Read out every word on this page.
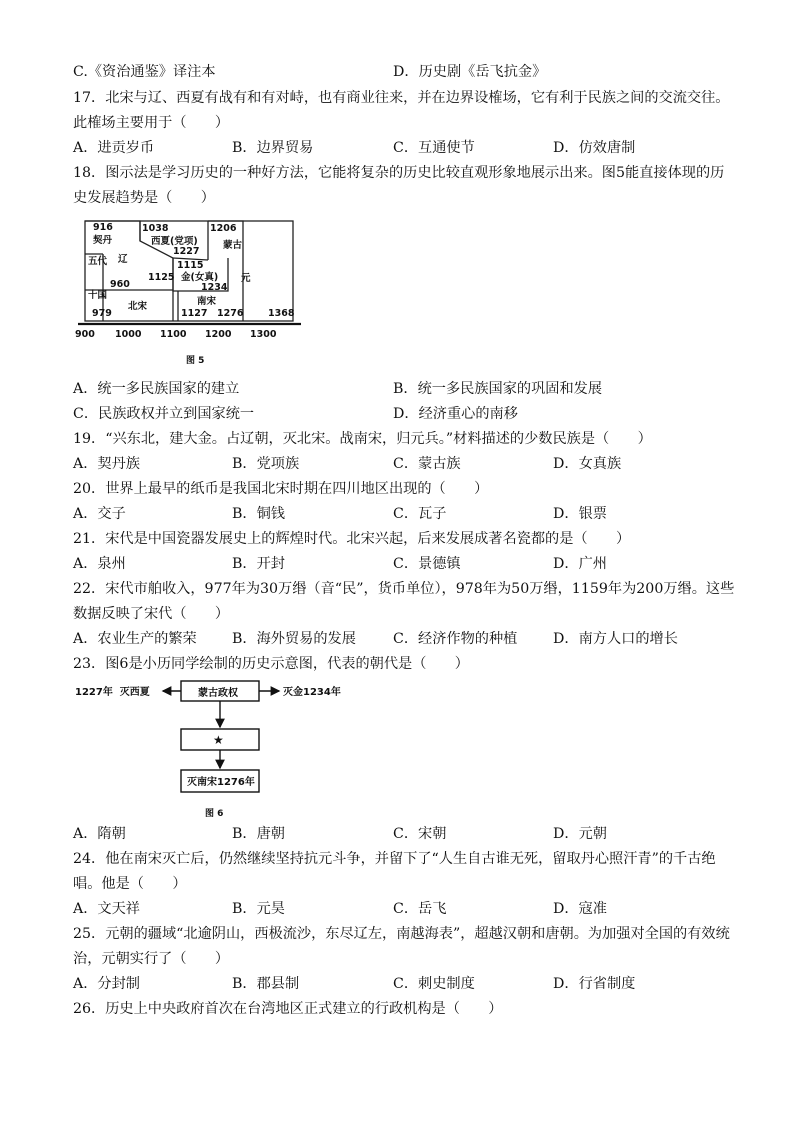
C.《资治通鉴》译注本	D．历史剧《岳飞抗金》
17．北宋与辽、西夏有战有和有对峙，也有商业往来，并在边界设榷场，它有利于民族之间的交流交往。
此榷场主要用于（　　）
A．进贡岁币	B．边界贸易	C．互通使节	D．仿效唐制
18．图示法是学习历史的一种好方法，它能将复杂的历史比较直观形象地展示出来。图5能直接体现的历
史发展趋势是（　　）
916
契丹
辽
五代
960
十国
979
北宋
1038
西夏(党项)
1227
1206
蒙古
1115
金(女真)
1125
1234
元
南宋
1127 1276	1368
900 1000 1100 1200 1300
图 5
A．统一多民族国家的建立	B．统一多民族国家的巩固和发展
C．民族政权并立到国家统一	D．经济重心的南移
19．“兴东北，建大金。占辽朝，灭北宋。战南宋，归元兵。”材料描述的少数民族是（　　）
A．契丹族	B．党项族	C．蒙古族	D．女真族
20．世界上最早的纸币是我国北宋时期在四川地区出现的（　　）
A．交子	B．铜钱	C．瓦子	D．银票
21．宋代是中国瓷器发展史上的辉煌时代。北宋兴起，后来发展成著名瓷都的是（　　）
A．泉州	B．开封	C．景德镇	D．广州
22．宋代市舶收入，977年为30万缗（音“民”，货币单位），978年为50万缗，1159年为200万缗。这些
数据反映了宋代（　　）
A．农业生产的繁荣 B．海外贸易的发展	C．经济作物的种植	D．南方人口的增长
23．图6是小历同学绘制的历史示意图，代表的朝代是（　　）
蒙古政权
1227年  灭西夏	灭金1234年
★
灭南宋1276年
图 6
A．隋朝	B．唐朝	C．宋朝	D．元朝
24．他在南宋灭亡后，仍然继续坚持抗元斗争，并留下了“人生自古谁无死，留取丹心照汗青”的千古绝
唱。他是（　　）
A．文天祥	B．元昊	C．岳飞	D．寇准
25．元朝的疆域“北逾阴山，西极流沙，东尽辽左，南越海表”，超越汉朝和唐朝。为加强对全国的有效统
治，元朝实行了（　　）
A．分封制	B．郡县制	C．刺史制度	D．行省制度
26．历史上中央政府首次在台湾地区正式建立的行政机构是（　　）
